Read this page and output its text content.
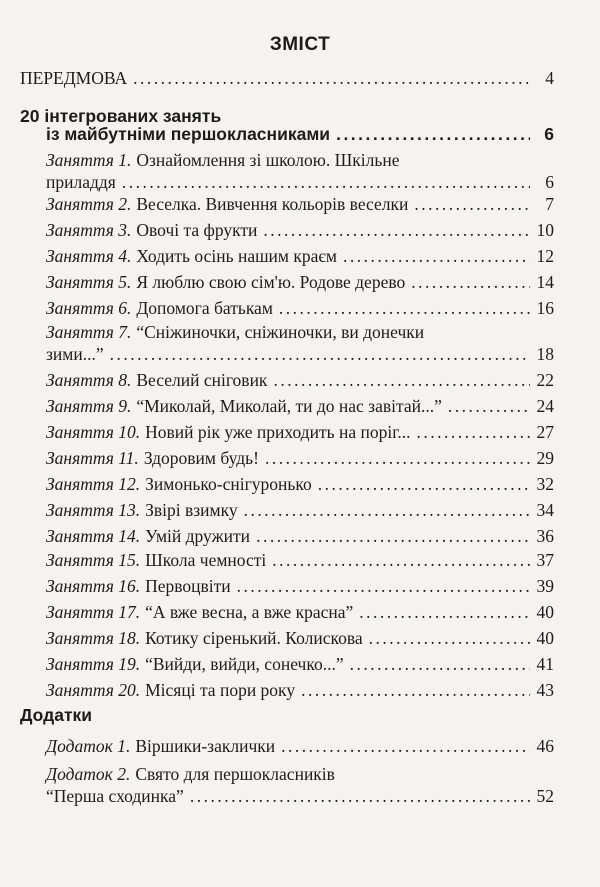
ЗМІСТ
ПЕРЕДМОВА .....	4
20 інтегрованих занять
із майбутніми першокласниками .....	6
Заняття 1. Ознайомлення зі школою. Шкільне
приладдя .....	6
Заняття 2. Веселка. Вивчення кольорів веселки .....	7
Заняття 3. Овочі та фрукти .....	10
Заняття 4. Ходить осінь нашим краєм .....	12
Заняття 5. Я люблю свою сім'ю. Родове дерево .....	14
Заняття 6. Допомога батькам .....	16
Заняття 7. “Сніжиночки, сніжиночки, ви донечки
зими...” .....	18
Заняття 8. Веселий сніговик .....	22
Заняття 9. “Миколай, Миколай, ти до нас завітай...” .....	24
Заняття 10. Новий рік уже приходить на поріг... .....	27
Заняття 11. Здоровим будь! .....	29
Заняття 12. Зимонько-снігуронько .....	32
Заняття 13. Звірі взимку .....	34
Заняття 14. Умій дружити .....	36
Заняття 15. Школа чемності .....	37
Заняття 16. Первоцвіти .....	39
Заняття 17. “А вже весна, а вже красна” .....	40
Заняття 18. Котику сіренький. Колискова .....	40
Заняття 19. “Вийди, вийди, сонечко...” .....	41
Заняття 20. Місяці та пори року .....	43
Додатки
Додаток 1. Віршики-заклички .....	46
Додаток 2. Свято для першокласників
“Перша сходинка” .....	52
